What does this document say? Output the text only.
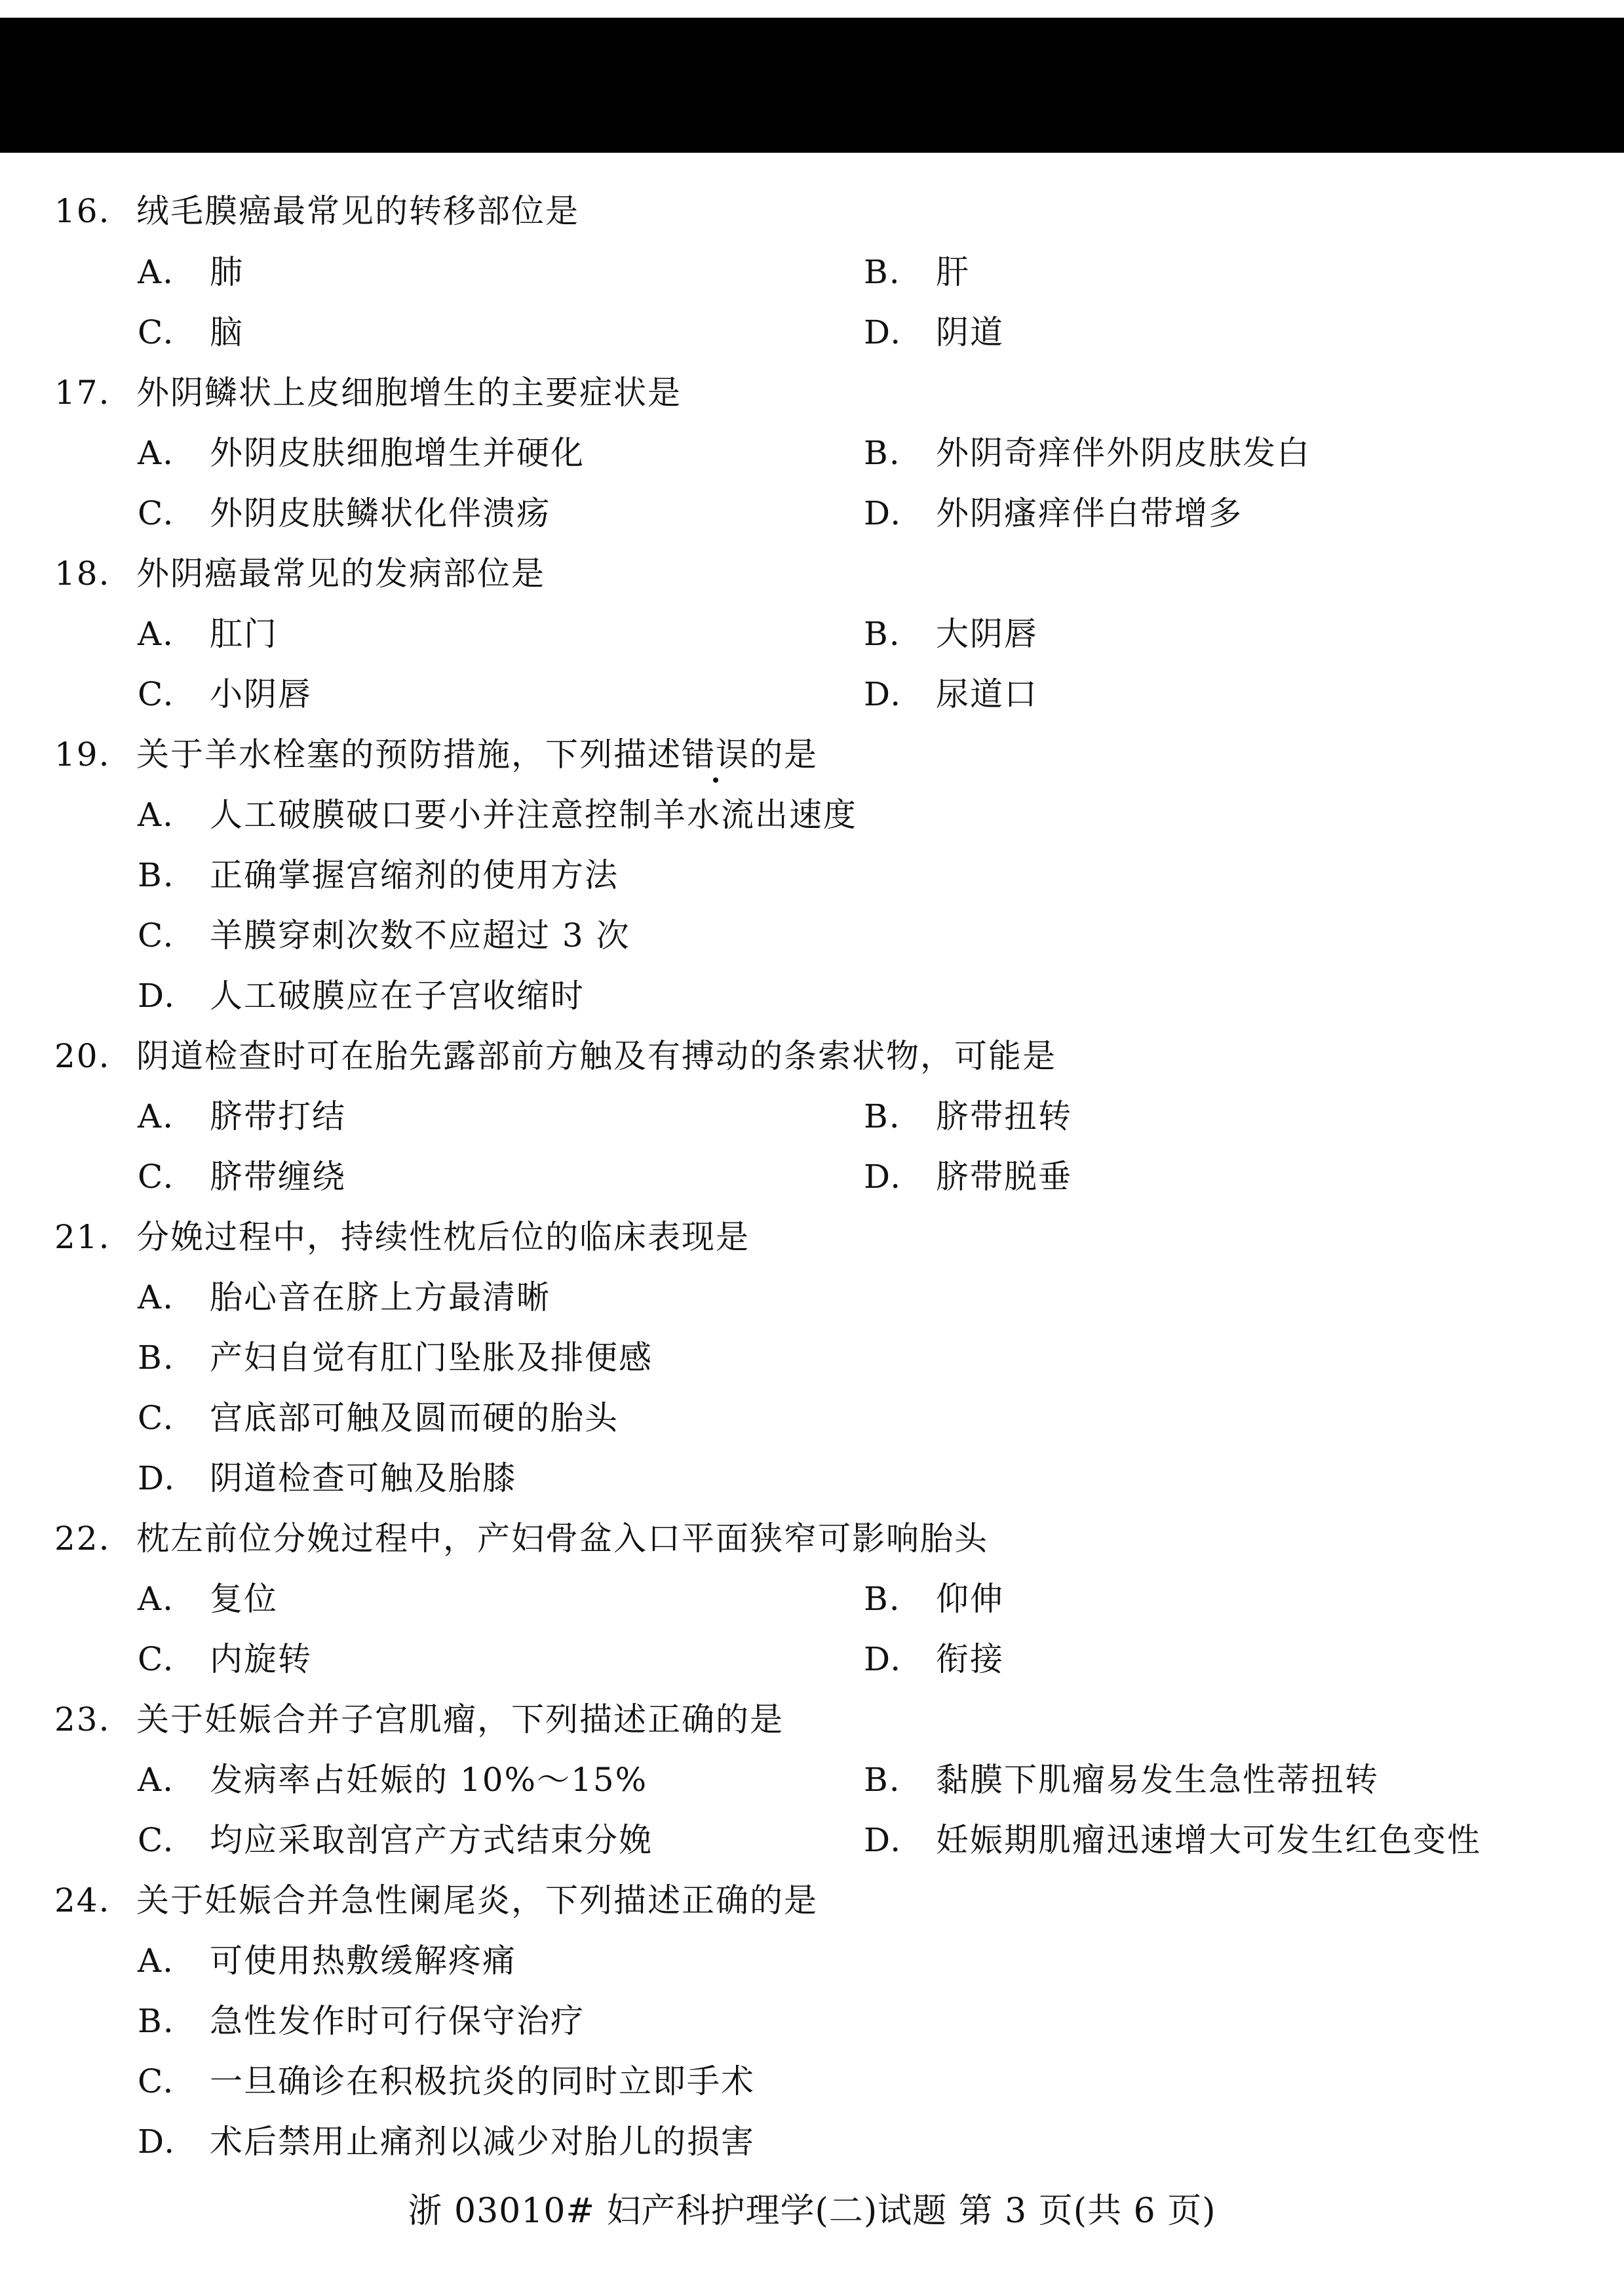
16. 绒毛膜癌最常见的转移部位是
A. 肺	B. 肝
C. 脑	D. 阴道
17. 外阴鳞状上皮细胞增生的主要症状是
A. 外阴皮肤细胞增生并硬化	B. 外阴奇痒伴外阴皮肤发白
C. 外阴皮肤鳞状化伴溃疡	D. 外阴瘙痒伴白带增多
18. 外阴癌最常见的发病部位是
A. 肛门	B. 大阴唇
C. 小阴唇	D. 尿道口
19. 关于羊水栓塞的预防措施，下列描述错误的是
A. 人工破膜破口要小并注意控制羊水流出速度
B. 正确掌握宫缩剂的使用方法
C. 羊膜穿刺次数不应超过 3 次
D. 人工破膜应在子宫收缩时
20. 阴道检查时可在胎先露部前方触及有搏动的条索状物，可能是
A. 脐带打结	B. 脐带扭转
C. 脐带缠绕	D. 脐带脱垂
21. 分娩过程中，持续性枕后位的临床表现是
A. 胎心音在脐上方最清晰
B. 产妇自觉有肛门坠胀及排便感
C. 宫底部可触及圆而硬的胎头
D. 阴道检查可触及胎膝
22. 枕左前位分娩过程中，产妇骨盆入口平面狭窄可影响胎头
A. 复位	B. 仰伸
C. 内旋转	D. 衔接
23. 关于妊娠合并子宫肌瘤，下列描述正确的是
A. 发病率占妊娠的 10%～15%	B. 黏膜下肌瘤易发生急性蒂扭转
C. 均应采取剖宫产方式结束分娩	D. 妊娠期肌瘤迅速增大可发生红色变性
24. 关于妊娠合并急性阑尾炎，下列描述正确的是
A. 可使用热敷缓解疼痛
B. 急性发作时可行保守治疗
C. 一旦确诊在积极抗炎的同时立即手术
D. 术后禁用止痛剂以减少对胎儿的损害
浙 03010# 妇产科护理学(二)试题 第 3 页(共 6 页)
